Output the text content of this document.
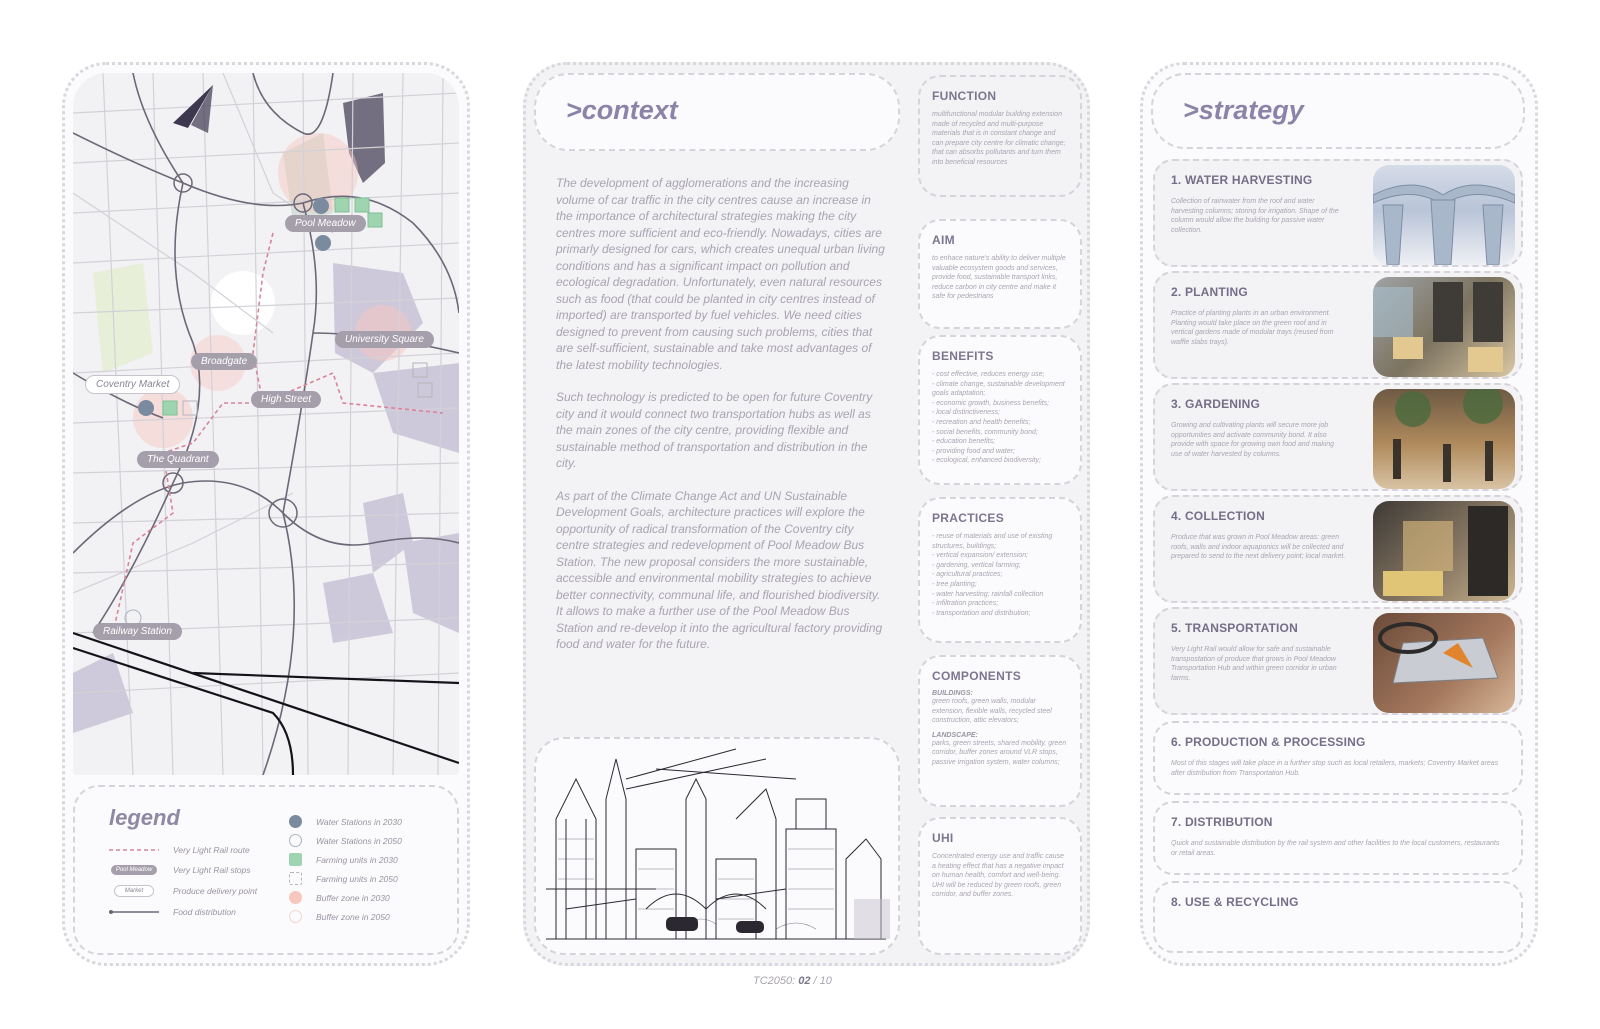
Pool Meadow
University Square
Broadgate
Coventry Market
High Street
The Quadrant
Railway Station
legend
Very Light Rail route
Pool Meadow	Very Light Rail stops
Market	Produce delivery point
Food distribution
Water Stations in 2030
Water Stations in 2050
Farming units in 2030
Farming units in 2050
Buffer zone in 2030
Buffer zone in 2050
>context

The development of agglomerations and the increasing volume of car traffic in the city centres cause an increase in the importance of architectural strategies making the city centres more sufficient and eco-friendly. Nowadays, cities are primarly designed for cars, which creates unequal urban living conditions and has a significant impact on pollution and ecological degradation. Unfortunately, even natural resources such as food (that could be planted in city centres instead of imported) are transported by fuel vehicles. We need cities designed to prevent from causing such problems, cities that are self-sufficient, sustainable and take most advantages of the latest mobility technologies.

Such technology is predicted to be open for future Coventry city and it would connect two transportation hubs as well as the main zones of the city centre, providing flexible and sustainable method of transportation and distribution in the city.

As part of the Climate Change Act and UN Sustainable Development Goals, architecture practices will explore the opportunity of radical transformation of the Coventry city centre strategies and redevelopment of Pool Meadow Bus Station. The new proposal considers the more sustainable, accessible and environmental mobility strategies to achieve better connectivity, communal life, and flourished biodiversity. It allows to make a further use of the Pool Meadow Bus Station and re-develop it into the agricultural factory providing food and water for the future.

FUNCTION
multifunctional modular building extension made of recycled and multi-purpose materials that is in constant change and can prepare city centre for climatic change; that can absorbs pollutants and turn them into beneficial resources
AIM
to enhace nature's ability to deliver multiple valuable ecosystem goods and services, provide food, sustainable transport links, reduce carbon in city centre and make it safe for pedestrians
BENEFITS
- cost effective, reduces energy use;
- climate change, sustainable development goals adaptation;
- economic growth, business benefits;
- local distinctiveness;
- recreation and health benefits;
- social benefits, community bond;
- education benefits;
- providing food and water;
- ecological, enhanced biodiversity;
PRACTICES
- reuse of materials and use of existing structures, buildings;
- vertical expansion/ extension;
- gardening, vertical farming;
- agricultural practices;
- tree planting;
- water harvesting; rainfall collection
- infiltration practices;
- transportation and distribution;
COMPONENTS
BUILDINGS:
green roofs, green walls, modular extension, flexible walls, recycled steel construction, attic elevators;
LANDSCAPE:
parks, green streets, shared mobility, green corridor, buffer zones around VLR stops, passive irrigation system, water columns;
UHI
Concentrated energy use and traffic cause a heating effect that has a negative impact on human health, comfort and well-being. UHI will be reduced by green roofs, green corridor, and buffer zones.
>strategy
1. WATER HARVESTING
Collection of rainwater from the roof and water harvesting columns; storing for irrigation. Shape of the column would allow the building for passive water collection.
2. PLANTING
Practice of planting plants in an urban environment. Planting would take place on the green roof and in vertical gardens made of modular trays (reused from waffle slabs trays).
3. GARDENING
Growing and cultivating plants will secure more job opportunities and activate community bond. It also provide with space for growing own food and making use of water harvested by columns.
4. COLLECTION
Produce that was grown in Pool Meadow areas: green roofs, walls and indoor aquaponics will be collected and prepared to send to the next delivery point; local market.
5. TRANSPORTATION
Very Light Rail would allow for safe and sustainable transpostation of produce that grows in Pool Meadow Transportation Hub and within green corridor in urban farms.
6. PRODUCTION & PROCESSING
Most of this stages will take place in a further stop such as local retailers, markets; Coventry Market areas after distribution from Transportation Hub.
7. DISTRIBUTION
Quick and sustainable distribution by the rail system and other facilities to the local customers, restaurants or retail areas.
8. USE & RECYCLING
TC2050: 02 / 10
